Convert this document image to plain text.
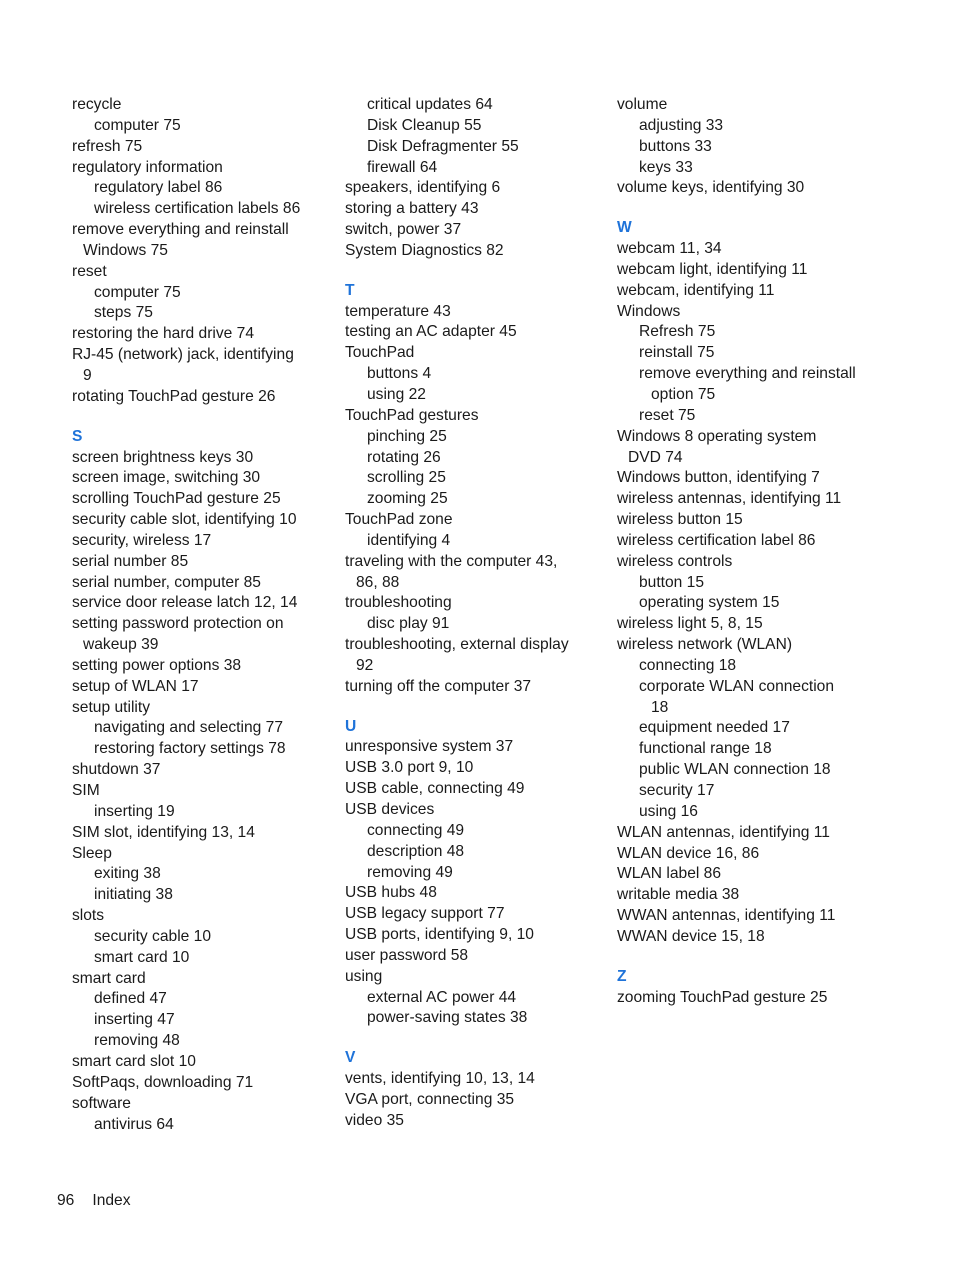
recycle
computer 75
refresh 75
regulatory information
regulatory label 86
wireless certification labels 86
remove everything and reinstall
Windows 75
reset
computer 75
steps 75
restoring the hard drive 74
RJ-45 (network) jack, identifying
9
rotating TouchPad gesture 26
S
screen brightness keys 30
screen image, switching 30
scrolling TouchPad gesture 25
security cable slot, identifying 10
security, wireless 17
serial number 85
serial number, computer 85
service door release latch 12, 14
setting password protection on
wakeup 39
setting power options 38
setup of WLAN 17
setup utility
navigating and selecting 77
restoring factory settings 78
shutdown 37
SIM
inserting 19
SIM slot, identifying 13, 14
Sleep
exiting 38
initiating 38
slots
security cable 10
smart card 10
smart card
defined 47
inserting 47
removing 48
smart card slot 10
SoftPaqs, downloading 71
software
antivirus 64
critical updates 64
Disk Cleanup 55
Disk Defragmenter 55
firewall 64
speakers, identifying 6
storing a battery 43
switch, power 37
System Diagnostics 82
T
temperature 43
testing an AC adapter 45
TouchPad
buttons 4
using 22
TouchPad gestures
pinching 25
rotating 26
scrolling 25
zooming 25
TouchPad zone
identifying 4
traveling with the computer 43,
86, 88
troubleshooting
disc play 91
troubleshooting, external display
92
turning off the computer 37
U
unresponsive system 37
USB 3.0 port 9, 10
USB cable, connecting 49
USB devices
connecting 49
description 48
removing 49
USB hubs 48
USB legacy support 77
USB ports, identifying 9, 10
user password 58
using
external AC power 44
power-saving states 38
V
vents, identifying 10, 13, 14
VGA port, connecting 35
video 35
volume
adjusting 33
buttons 33
keys 33
volume keys, identifying 30
W
webcam 11, 34
webcam light, identifying 11
webcam, identifying 11
Windows
Refresh 75
reinstall 75
remove everything and reinstall
option 75
reset 75
Windows 8 operating system
DVD 74
Windows button, identifying 7
wireless antennas, identifying 11
wireless button 15
wireless certification label 86
wireless controls
button 15
operating system 15
wireless light 5, 8, 15
wireless network (WLAN)
connecting 18
corporate WLAN connection
18
equipment needed 17
functional range 18
public WLAN connection 18
security 17
using 16
WLAN antennas, identifying 11
WLAN device 16, 86
WLAN label 86
writable media 38
WWAN antennas, identifying 11
WWAN device 15, 18
Z
zooming TouchPad gesture 25
96 Index
